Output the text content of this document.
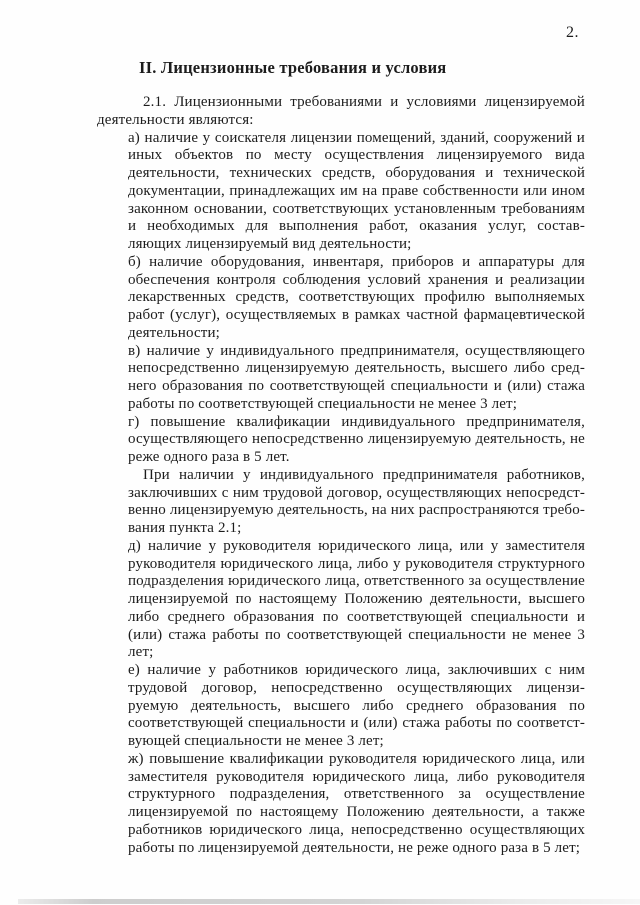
2.
II. Лицензионные требования и условия
2.1. Лицензионными требованиями и условиями лицензируемой
деятельности являются:
а) наличие у соискателя лицензии помещений, зданий, сооружений и
иных объектов по месту осуществления лицензируемого вида
деятельности, технических средств, оборудования и технической
документации, принадлежащих им на праве собственности или ином
законном основании, соответствующих установленным требованиям
и необходимых для выполнения работ, оказания услуг, состав-
ляющих лицензируемый вид деятельности;
б) наличие оборудования, инвентаря, приборов и аппаратуры для
обеспечения контроля соблюдения условий хранения и реализации
лекарственных средств, соответствующих профилю выполняемых
работ (услуг), осуществляемых в рамках частной фармацевтической
деятельности;
в) наличие у индивидуального предпринимателя, осуществляющего
непосредственно лицензируемую деятельность, высшего либо сред-
него образования по соответствующей специальности и (или) стажа
работы по соответствующей специальности не менее 3 лет;
г) повышение квалификации индивидуального предпринимателя,
осуществляющего непосредственно лицензируемую деятельность, не
реже одного раза в 5 лет.
При наличии у индивидуального предпринимателя работников,
заключивших с ним трудовой договор, осуществляющих непосредст-
венно лицензируемую деятельность, на них распространяются требо-
вания пункта 2.1;
д) наличие у руководителя юридического лица, или у заместителя
руководителя юридического лица, либо у руководителя структурного
подразделения юридического лица, ответственного за осуществление
лицензируемой по настоящему Положению деятельности, высшего
либо среднего образования по соответствующей специальности и
(или) стажа работы по соответствующей специальности не менее 3
лет;
е) наличие у работников юридического лица, заключивших с ним
трудовой договор, непосредственно осуществляющих лицензи-
руемую деятельность, высшего либо среднего образования по
соответствующей специальности и (или) стажа работы по соответст-
вующей специальности не менее 3 лет;
ж) повышение квалификации руководителя юридического лица, или
заместителя руководителя юридического лица, либо руководителя
структурного подразделения, ответственного за осуществление
лицензируемой по настоящему Положению деятельности, а также
работников юридического лица, непосредственно осуществляющих
работы по лицензируемой деятельности, не реже одного раза в 5 лет;
